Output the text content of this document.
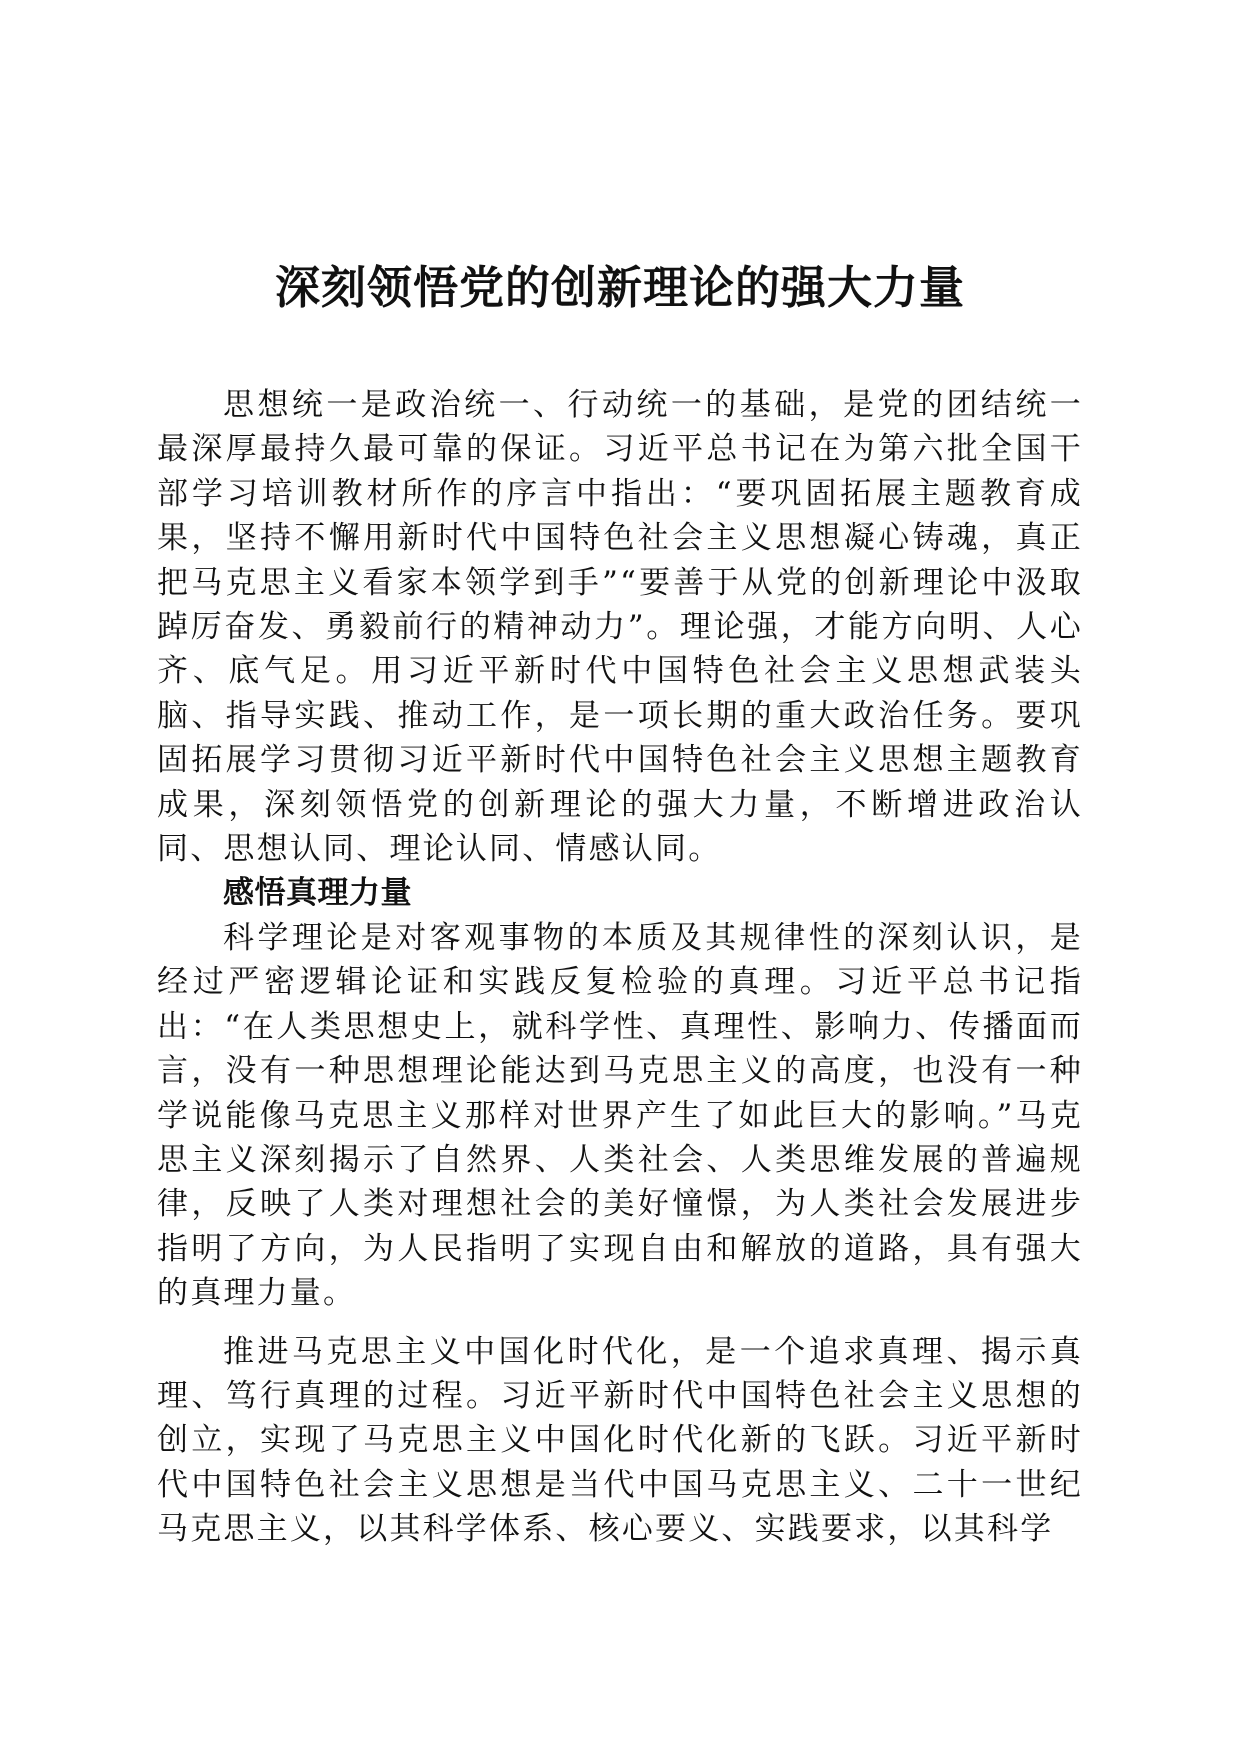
深刻领悟党的创新理论的强大力量

思想统一是政治统一、行动统一的基础，是党的团结统一最深厚最持久最可靠的保证。习近平总书记在为第六批全国干部学习培训教材所作的序言中指出：“要巩固拓展主题教育成果，坚持不懈用新时代中国特色社会主义思想凝心铸魂，真正把马克思主义看家本领学到手”“要善于从党的创新理论中汲取踔厉奋发、勇毅前行的精神动力”。理论强，才能方向明、人心齐、底气足。用习近平新时代中国特色社会主义思想武装头脑、指导实践、推动工作，是一项长期的重大政治任务。要巩固拓展学习贯彻习近平新时代中国特色社会主义思想主题教育成果，深刻领悟党的创新理论的强大力量，不断增进政治认同、思想认同、理论认同、情感认同。

感悟真理力量

科学理论是对客观事物的本质及其规律性的深刻认识，是经过严密逻辑论证和实践反复检验的真理。习近平总书记指出：“在人类思想史上，就科学性、真理性、影响力、传播面而言，没有一种思想理论能达到马克思主义的高度，也没有一种学说能像马克思主义那样对世界产生了如此巨大的影响。”马克思主义深刻揭示了自然界、人类社会、人类思维发展的普遍规律，反映了人类对理想社会的美好憧憬，为人类社会发展进步指明了方向，为人民指明了实现自由和解放的道路，具有强大的真理力量。

推进马克思主义中国化时代化，是一个追求真理、揭示真理、笃行真理的过程。习近平新时代中国特色社会主义思想的创立，实现了马克思主义中国化时代化新的飞跃。习近平新时代中国特色社会主义思想是当代中国马克思主义、二十一世纪马克思主义，以其科学体系、核心要义、实践要求，以其科学
